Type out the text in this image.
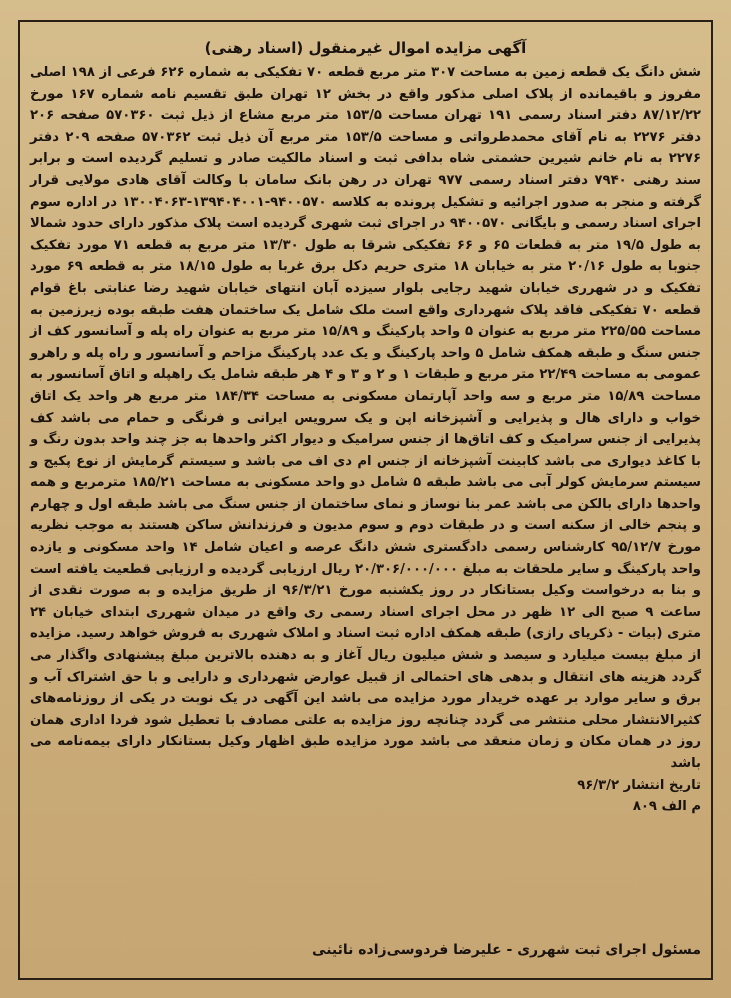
آگهی مزایده اموال غیرمنقول (اسناد رهنی)

شش دانگ یک قطعه زمین به مساحت ۳۰۷ متر مربع قطعه ۷۰ تفکیکی به شماره ۶۲۶ فرعی از ۱۹۸ اصلی مفروز و باقیمانده از پلاک اصلی مذکور واقع در بخش ۱۲ تهران طبق تقسیم نامه شماره ۱۶۷ مورخ ۸۷/۱۲/۲۲ دفتر اسناد رسمی ۱۹۱ تهران مساحت ۱۵۳/۵ متر مربع مشاع از ذیل ثبت ۵۷۰۳۶۰ صفحه ۲۰۶ دفتر ۲۲۷۶ به نام آقای محمدطرواتی و مساحت ۱۵۳/۵ متر مربع آن ذیل ثبت ۵۷۰۳۶۲ صفحه ۲۰۹ دفتر ۲۲۷۶ به نام خانم شیرین حشمتی شاه بدافی ثبت و اسناد مالکیت صادر و تسلیم گردیده است و برابر سند رهنی ۷۹۴۰ دفتر اسناد رسمی ۹۷۷ تهران در رهن بانک سامان با وکالت آقای هادی مولایی قرار گرفته و منجر به صدور اجرائیه و تشکیل پرونده به کلاسه ۹۴۰۰۵۷۰-۱۳۹۴۰۴۰۰۱-۱۳۰۰۴۰۶۳ در اداره سوم اجرای اسناد رسمی و بایگانی ۹۴۰۰۵۷۰ در اجرای ثبت شهری گردیده است پلاک مذکور دارای حدود شمالا به طول ۱۹/۵ متر به قطعات ۶۵ و ۶۶ تفکیکی شرقا به طول ۱۳/۳۰ متر مربع به قطعه ۷۱ مورد تفکیک جنوبا به طول ۲۰/۱۶ متر به خیابان ۱۸ متری حریم دکل برق غربا به طول ۱۸/۱۵ متر به قطعه ۶۹ مورد تفکیک و در شهرری خیابان شهید رجایی بلوار سیزده آبان انتهای خیابان شهید رضا عنابتی باغ قوام قطعه ۷۰ تفکیکی فاقد پلاک شهرداری واقع است ملک شامل یک ساختمان هفت طبقه بوده زیرزمین به مساحت ۲۲۵/۵۵ متر مربع به عنوان ۵ واحد پارکینگ و ۱۵/۸۹ متر مربع به عنوان راه پله و آسانسور کف از جنس سنگ و طبقه همکف شامل ۵ واحد پارکینگ و یک عدد پارکینگ مزاحم و آسانسور و راه پله و راهرو عمومی به مساحت ۲۲/۴۹ متر مربع و طبقات ۱ و ۲ و ۳ و ۴ هر طبقه شامل یک راهپله و اتاق آسانسور به مساحت ۱۵/۸۹ متر مربع و سه واحد آپارتمان مسکونی به مساحت ۱۸۴/۳۴ متر مربع هر واحد یک اتاق خواب و دارای هال و پذیرایی و آشپزخانه اپن و یک سرویس ایرانی و فرنگی و حمام می باشد کف پذیرایی از جنس سرامیک و کف اتاق‌ها از جنس سرامیک و دیوار اکثر واحدها به جز چند واحد بدون رنگ و با کاغذ دیواری می باشد کابینت آشپزخانه از جنس ام دی اف می باشد و سیستم گرمایش از نوع پکیج و سیستم سرمایش کولر آبی می باشد طبقه ۵ شامل دو واحد مسکونی به مساحت ۱۸۵/۲۱ مترمربع و همه واحدها دارای بالکن می باشد عمر بنا نوساز و نمای ساختمان از جنس سنگ می باشد طبقه اول و چهارم و پنجم خالی از سکنه است و در طبقات دوم و سوم مدیون و فرزندانش ساکن هستند به موجب نظریه مورخ ۹۵/۱۲/۷ کارشناس رسمی دادگستری شش دانگ عرصه و اعیان شامل ۱۴ واحد مسکونی و یازده واحد پارکینگ و سایر ملحقات به مبلغ ۲۰/۳۰۶/۰۰۰/۰۰۰ ریال ارزیابی گردیده و ارزیابی قطعیت یافته است و بنا به درخواست وکیل بستانکار در روز یکشنبه مورخ ۹۶/۳/۲۱ از طریق مزایده و به صورت نقدی از ساعت ۹ صبح الی ۱۲ ظهر در محل اجرای اسناد رسمی ری واقع در میدان شهرری ابتدای خیابان ۲۴ متری (بیات - ذکریای رازی) طبقه همکف اداره ثبت اسناد و املاک شهرری به فروش خواهد رسید. مزایده از مبلغ بیست میلیارد و سیصد و شش میلیون ریال آغاز و به دهنده بالاترین مبلغ پیشنهادی واگذار می گردد هزینه های انتقال و بدهی های احتمالی از قبیل عوارض شهرداری و دارایی و با حق اشتراک آب و برق و سایر موارد بر عهده خریدار مورد مزایده می باشد این آگهی در یک نوبت در یکی از روزنامه‌های کثیرالانتشار محلی منتشر می گردد چنانچه روز مزایده به علتی مصادف با تعطیل شود فردا اداری همان روز در همان مکان و زمان منعقد می باشد مورد مزایده طبق اظهار وکیل بستانکار دارای بیمه‌نامه می باشد

تاریخ انتشار ۹۶/۳/۲

م الف ۸۰۹

مسئول اجرای ثبت شهرری - علیرضا فردوسی‌زاده نائینی
